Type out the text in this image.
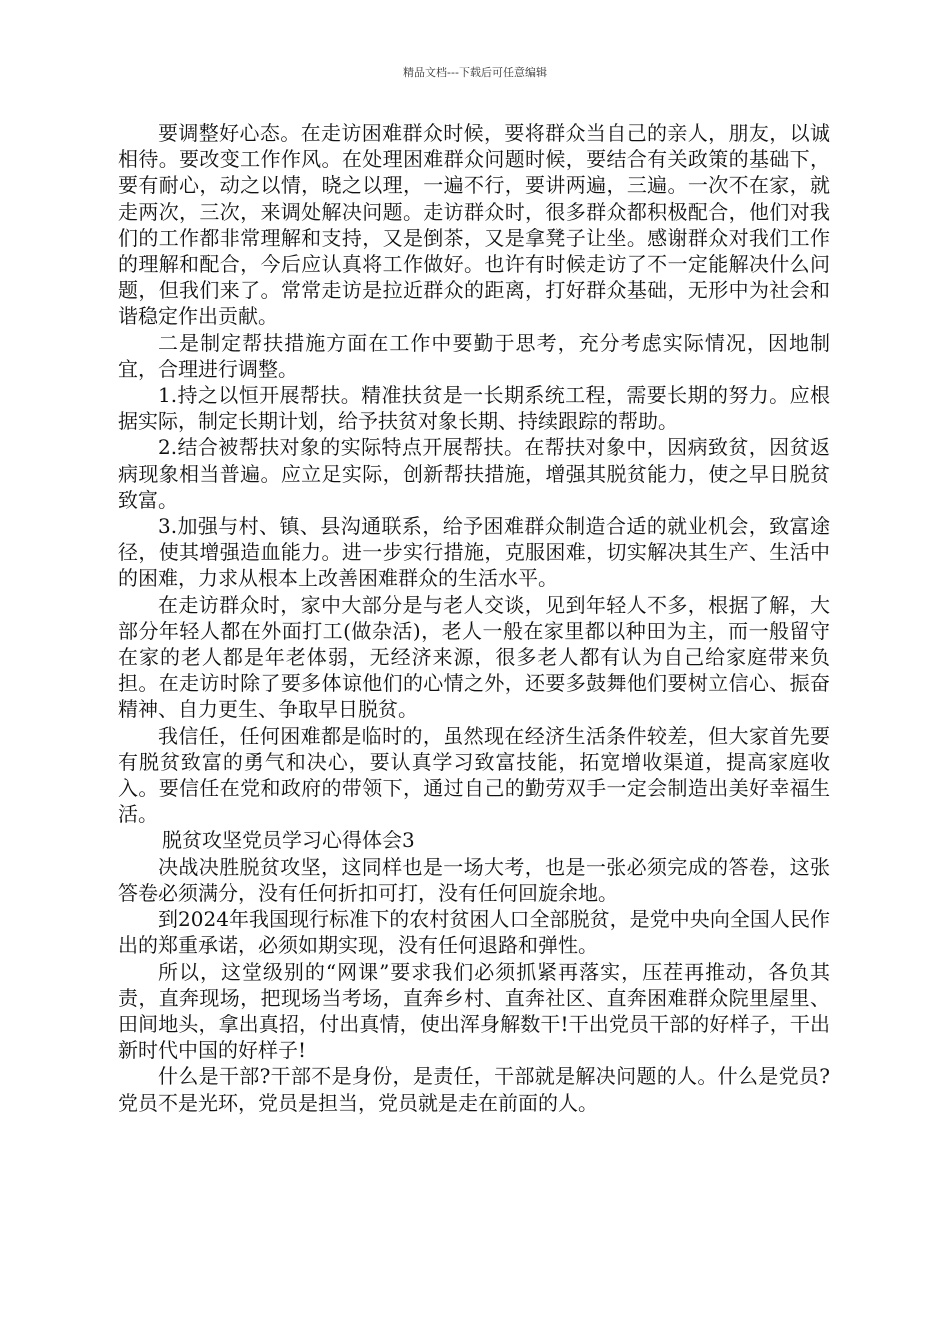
精品文档---下载后可任意编辑

要调整好心态。在走访困难群众时候，要将群众当自己的亲人，朋友，以诚相待。要改变工作作风。在处理困难群众问题时候，要结合有关政策的基础下，要有耐心，动之以情，晓之以理，一遍不行，要讲两遍，三遍。一次不在家，就走两次，三次，来调处解决问题。走访群众时，很多群众都积极配合，他们对我们的工作都非常理解和支持，又是倒茶，又是拿凳子让坐。感谢群众对我们工作的理解和配合，今后应认真将工作做好。也许有时候走访了不一定能解决什么问题，但我们来了。常常走访是拉近群众的距离，打好群众基础，无形中为社会和谐稳定作出贡献。

二是制定帮扶措施方面在工作中要勤于思考，充分考虑实际情况，因地制宜，合理进行调整。

1.持之以恒开展帮扶。精准扶贫是一长期系统工程，需要长期的努力。应根据实际，制定长期计划，给予扶贫对象长期、持续跟踪的帮助。

2.结合被帮扶对象的实际特点开展帮扶。在帮扶对象中，因病致贫，因贫返病现象相当普遍。应立足实际，创新帮扶措施，增强其脱贫能力，使之早日脱贫致富。

3.加强与村、镇、县沟通联系，给予困难群众制造合适的就业机会，致富途径，使其增强造血能力。进一步实行措施，克服困难，切实解决其生产、生活中的困难，力求从根本上改善困难群众的生活水平。

在走访群众时，家中大部分是与老人交谈，见到年轻人不多，根据了解，大部分年轻人都在外面打工(做杂活)，老人一般在家里都以种田为主，而一般留守在家的老人都是年老体弱，无经济来源，很多老人都有认为自己给家庭带来负担。在走访时除了要多体谅他们的心情之外，还要多鼓舞他们要树立信心、振奋精神、自力更生、争取早日脱贫。

我信任，任何困难都是临时的，虽然现在经济生活条件较差，但大家首先要有脱贫致富的勇气和决心，要认真学习致富技能，拓宽增收渠道，提高家庭收入。要信任在党和政府的带领下，通过自己的勤劳双手一定会制造出美好幸福生活。

脱贫攻坚党员学习心得体会3

决战决胜脱贫攻坚，这同样也是一场大考，也是一张必须完成的答卷，这张答卷必须满分，没有任何折扣可打，没有任何回旋余地。

到2024年我国现行标准下的农村贫困人口全部脱贫，是党中央向全国人民作出的郑重承诺，必须如期实现，没有任何退路和弹性。

所以，这堂级别的“网课”要求我们必须抓紧再落实，压茬再推动，各负其责，直奔现场，把现场当考场，直奔乡村、直奔社区、直奔困难群众院里屋里、田间地头，拿出真招，付出真情，使出浑身解数干!干出党员干部的好样子，干出新时代中国的好样子!

什么是干部?干部不是身份，是责任，干部就是解决问题的人。什么是党员?党员不是光环，党员是担当，党员就是走在前面的人。
